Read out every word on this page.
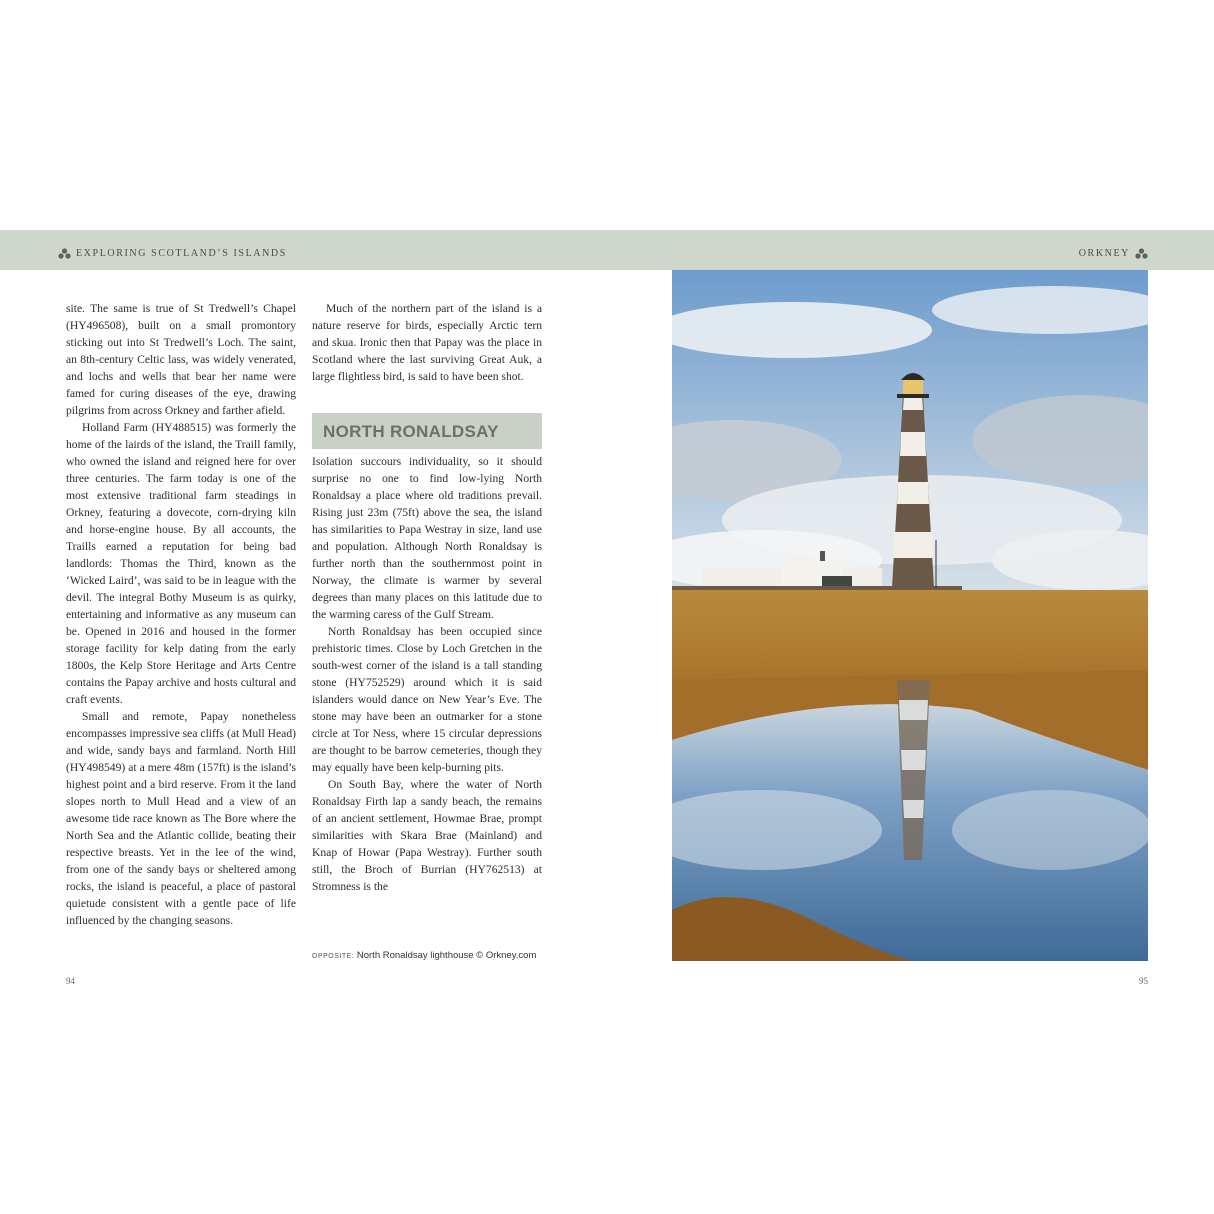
EXPLORING SCOTLAND’S ISLANDS	ORKNEY

site. The same is true of St Tredwell’s Chapel (HY496508), built on a small promontory sticking out into St Tredwell’s Loch. The saint, an 8th-century Celtic lass, was widely venerated, and lochs and wells that bear her name were famed for curing diseases of the eye, drawing pilgrims from across Orkney and farther afield.

Holland Farm (HY488515) was formerly the home of the lairds of the island, the Traill family, who owned the island and reigned here for over three centuries. The farm today is one of the most extensive traditional farm steadings in Orkney, featuring a dovecote, corn-drying kiln and horse-engine house. By all accounts, the Traills earned a reputation for being bad landlords: Thomas the Third, known as the ‘Wicked Laird’, was said to be in league with the devil. The integral Bothy Museum is as quirky, entertaining and informative as any museum can be. Opened in 2016 and housed in the former storage facility for kelp dating from the early 1800s, the Kelp Store Heritage and Arts Centre contains the Papay archive and hosts cultural and craft events.

Small and remote, Papay nonetheless encompasses impressive sea cliffs (at Mull Head) and wide, sandy bays and farmland. North Hill (HY498549) at a mere 48m (157ft) is the island’s highest point and a bird reserve. From it the land slopes north to Mull Head and a view of an awesome tide race known as The Bore where the North Sea and the Atlantic collide, beating their respective breasts. Yet in the lee of the wind, from one of the sandy bays or sheltered among rocks, the island is peaceful, a place of pastoral quietude consistent with a gentle pace of life influenced by the changing seasons.

Much of the northern part of the island is a nature reserve for birds, especially Arctic tern and skua. Ironic then that Papay was the place in Scotland where the last surviving Great Auk, a large flightless bird, is said to have been shot.

NORTH RONALDSAY

Isolation succours individuality, so it should surprise no one to find low-lying North Ronaldsay a place where old traditions prevail. Rising just 23m (75ft) above the sea, the island has similarities to Papa Westray in size, land use and population. Although North Ronaldsay is further north than the southernmost point in Norway, the climate is warmer by several degrees than many places on this latitude due to the warming caress of the Gulf Stream.

North Ronaldsay has been occupied since prehistoric times. Close by Loch Gretchen in the south-west corner of the island is a tall standing stone (HY752529) around which it is said islanders would dance on New Year’s Eve. The stone may have been an outmarker for a stone circle at Tor Ness, where 15 circular depressions are thought to be barrow cemeteries, though they may equally have been kelp-burning pits.

On South Bay, where the water of North Ronaldsay Firth lap a sandy beach, the remains of an ancient settlement, Howmae Brae, prompt similarities with Skara Brae (Mainland) and Knap of Howar (Papa Westray). Further south still, the Broch of Burrian (HY762513) at Stromness is the

OPPOSITE: North Ronaldsay lighthouse © Orkney.com
94	95
